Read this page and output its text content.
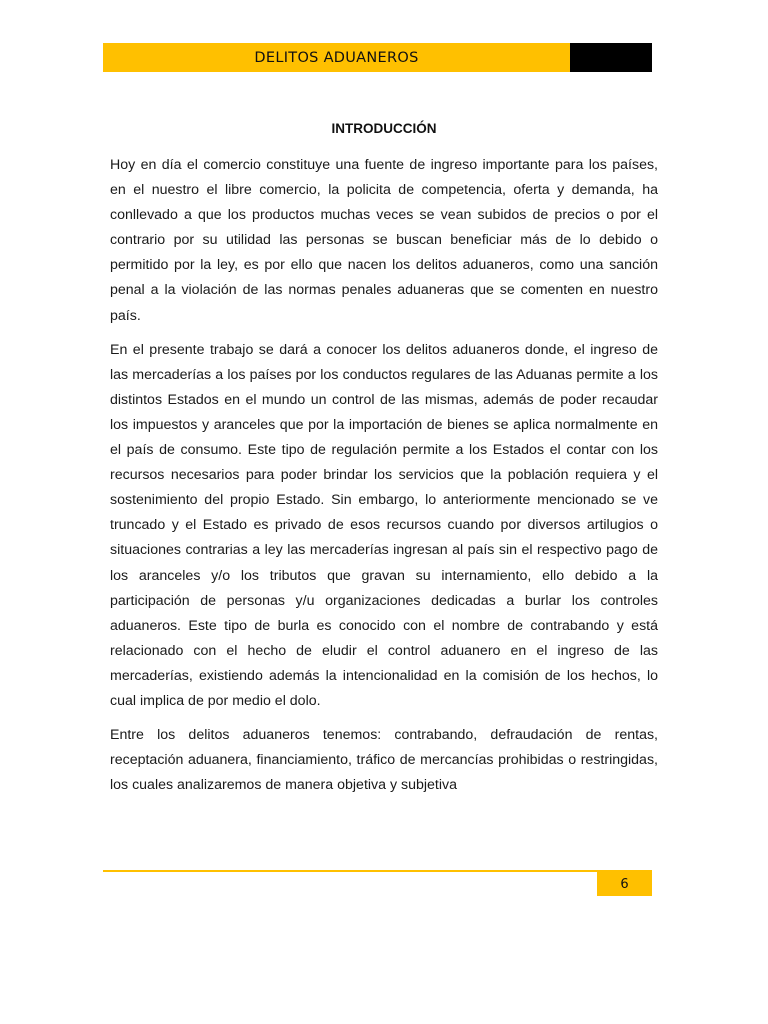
DELITOS ADUANEROS
INTRODUCCIÓN

Hoy en día el comercio constituye una fuente de ingreso importante para los países, en el nuestro el libre comercio, la policita de competencia, oferta y demanda, ha conllevado a que los productos muchas veces se vean subidos de precios o por el contrario por su utilidad las personas se buscan beneficiar más de lo debido o permitido por la ley, es por ello que nacen los delitos aduaneros, como una sanción penal a la violación de las normas penales aduaneras que se comenten en nuestro país.

En el presente trabajo se dará a conocer los delitos aduaneros donde, el ingreso de las mercaderías a los países por los conductos regulares de las Aduanas permite a los distintos Estados en el mundo un control de las mismas, además de poder recaudar los impuestos y aranceles que por la importación de bienes se aplica normalmente en el país de consumo. Este tipo de regulación permite a los Estados el contar con los recursos necesarios para poder brindar los servicios que la población requiera y el sostenimiento del propio Estado. Sin embargo, lo anteriormente mencionado se ve truncado y el Estado es privado de esos recursos cuando por diversos artilugios o situaciones contrarias a ley las mercaderías ingresan al país sin el respectivo pago de los aranceles y/o los tributos que gravan su internamiento, ello debido a la participación de personas y/u organizaciones dedicadas a burlar los controles aduaneros. Este tipo de burla es conocido con el nombre de contrabando y está relacionado con el hecho de eludir el control aduanero en el ingreso de las mercaderías, existiendo además la intencionalidad en la comisión de los hechos, lo cual implica de por medio el dolo.

Entre los delitos aduaneros tenemos: contrabando, defraudación de rentas, receptación aduanera, financiamiento, tráfico de mercancías prohibidas o restringidas, los cuales analizaremos de manera objetiva y subjetiva

6
